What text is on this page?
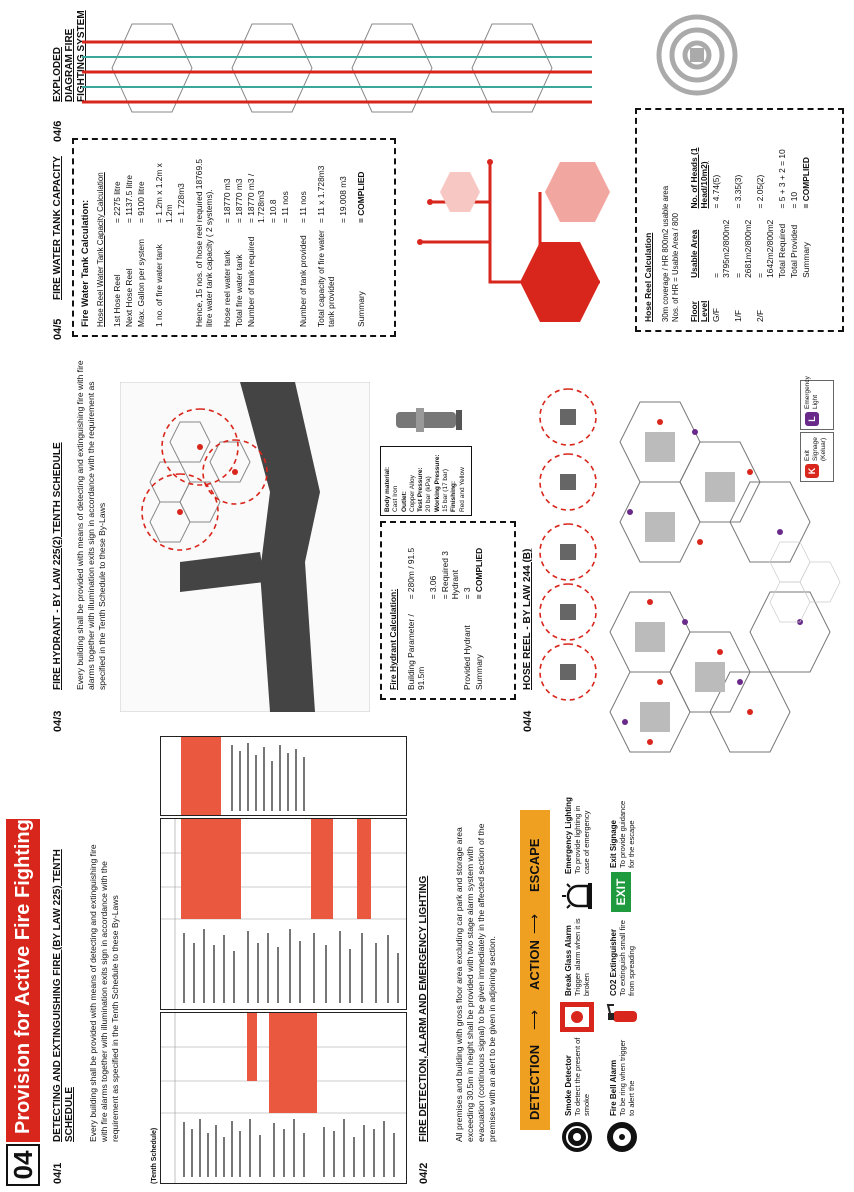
04
Provision for Active Fire Fighting
04/1
DETECTING AND EXTINGUISHING FIRE (BY LAW 225) TENTH SCHEDULE Every building shall be provided with means of detecting and extinguishing fire with fire alarms together with illumination exits sign in accordance with the requirement as specified in the Tenth Schedule to these By-Laws
(Tenth Schedule)	04/2
FIRE DETECTION, ALARM AND EMERGENCY LIGHTING	All premises and building with gross floor area excluding car park and storage area exceeding 30.5m in height shall be provided with two stage alarm system with evacuation (continuous signal) to be given immediately in the affected section of the premises with an alert to be given in adjoining section. DETECTION
⟶
ACTION
⟶
ESCAPE
Smoke Detector
To detect the present of smoke Fire Bell Alarm
To be ring when trigger to alert the
Break Glass Alarm
Trigger alarm when it is broken CO2 Extinguisher
To extinguish small fire from spreading
Emergency Lighting
To provide lighting in case of emergency
EXIT
Exit Signage
To provide guidance for the escape
K
Exit Signage (Keluar)
L
Emergency Light
04/3
FIRE HYDRANT - BY LAW 225(2) TENTH SCHEDULE Every building shall be provided with means of detecting and extinguishing fire with fire alarms together with illumination exits sign in accordance with the requirement as specified in the Tenth Schedule to these By-Laws	Fire Hydrant Calculation: Building Parameter / 91.5m	= 280m / 91.5
	= 3.06
	= Required 3 Hydrant
Provided Hydrant	= 3
Summary	= COMPLIED
Body material: Cast Iron Outlet: Copper Alloy Test Pressure: 20 bar (kPa) Working Pressure: 15 bar (17 bar) Finishing: Red and Yellow
04/4
HOSE REEL - BY LAW 244 (B)
04/5
FIRE WATER TANK CAPACITY Fire Water Tank Calculation: Hose Reel Water Tank Capacity Calculation 1st Hose Reel	= 2275 litre
Next Hose Reel	= 1137.5 litre
Max. Gallon per system	= 9100 litre
1 no. of fire water tank	= 1.2m x 1.2m x 1.2m
	= 1.728m3
Hence, 15 nos. of hose reel required 18769.5 litre water tank capacity ( 2 systems).	
Hose reel water tank	= 18770 m3
Total fire water tank	= 18770 m3
Number of tank required	= 18770 m3 / 1.728m3
	= 10.8
	= 11 nos
Number of tank provided	= 11 nos
Total capacity of fire water tank provided	= 11 x 1.728m3
	= 19.008 m3
Summary	= COMPLIED
04/6
EXPLODED DIAGRAM FIRE FIGHTING SYSTEM
Hose Reel Calculation 30m coverage / HR 800m2 usable area Nos. of HR = Usable Area / 800 Floor Level	Usable Area	No. of Heads (1 Head/10m2)
G/F	= 3795m2/800m2	= 4.74(5)
1/F	= 2681m2/800m2	= 3.35(3)
2/F	= 1642m2/800m2	= 2.05(2)
	Total Required	= 5 + 3 + 2 = 10
	Total Provided	= 10
	Summary	= COMPLIED
